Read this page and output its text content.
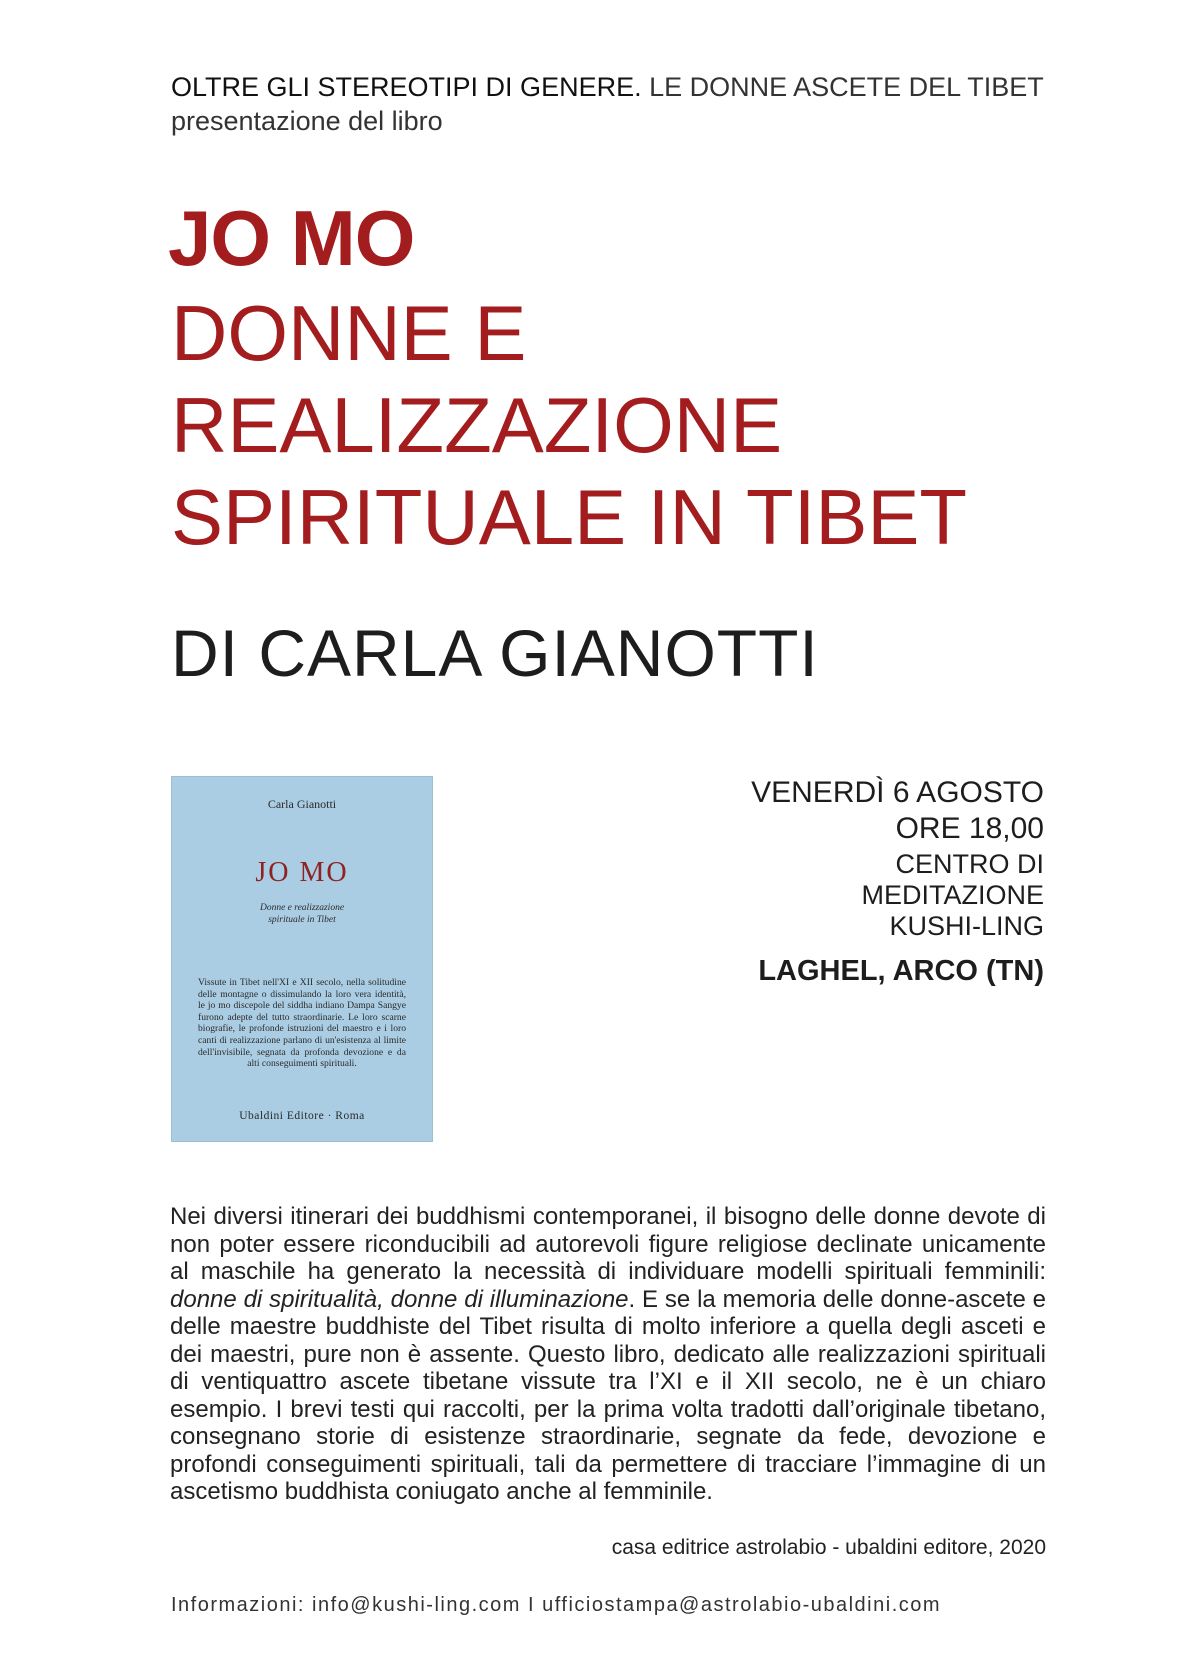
OLTRE GLI STEREOTIPI DI GENERE. LE DONNE ASCETE DEL TIBET
presentazione del libro
JO MO
DONNE E
REALIZZAZIONE
SPIRITUALE IN TIBET
DI CARLA GIANOTTI
Carla Gianotti
JO MO
Donne e realizzazione
spirituale in Tibet
Vissute in Tibet nell'XI e XII secolo, nella solitudine delle montagne o dissimulando la loro vera identità, le jo mo discepole del siddha indiano Dampa Sangye furono adepte del tutto straordinarie. Le loro scarne biografie, le profonde istruzioni del maestro e i loro canti di realizzazione parlano di un'esistenza al limite dell'invisibile, segnata da profonda devozione e da alti conseguimenti spirituali.
Ubaldini Editore · Roma
VENERDÌ 6 AGOSTO
ORE 18,00
CENTRO DI
MEDITAZIONE
KUSHI-LING
LAGHEL, ARCO (TN)
Nei diversi itinerari dei buddhismi contemporanei, il bisogno delle donne devote di non poter essere riconducibili ad autorevoli figure religiose declinate unicamente al maschile ha generato la necessità di individuare modelli spirituali femminili: donne di spiritualità, donne di illuminazione. E se la memoria delle donne-ascete e delle maestre buddhiste del Tibet risulta di molto inferiore a quella degli asceti e dei maestri, pure non è assente. Questo libro, dedicato alle realizzazioni spirituali di ventiquattro ascete tibetane vissute tra l’XI e il XII secolo, ne è un chiaro esempio. I brevi testi qui raccolti, per la prima volta tradotti dall’originale tibetano, consegnano storie di esistenze straordinarie, segnate da fede, devozione e profondi conseguimenti spirituali, tali da permettere di tracciare l’immagine di un ascetismo buddhista coniugato anche al femminile.
casa editrice astrolabio - ubaldini editore, 2020
Informazioni: info@kushi-ling.com I ufficiostampa@astrolabio-ubaldini.com
